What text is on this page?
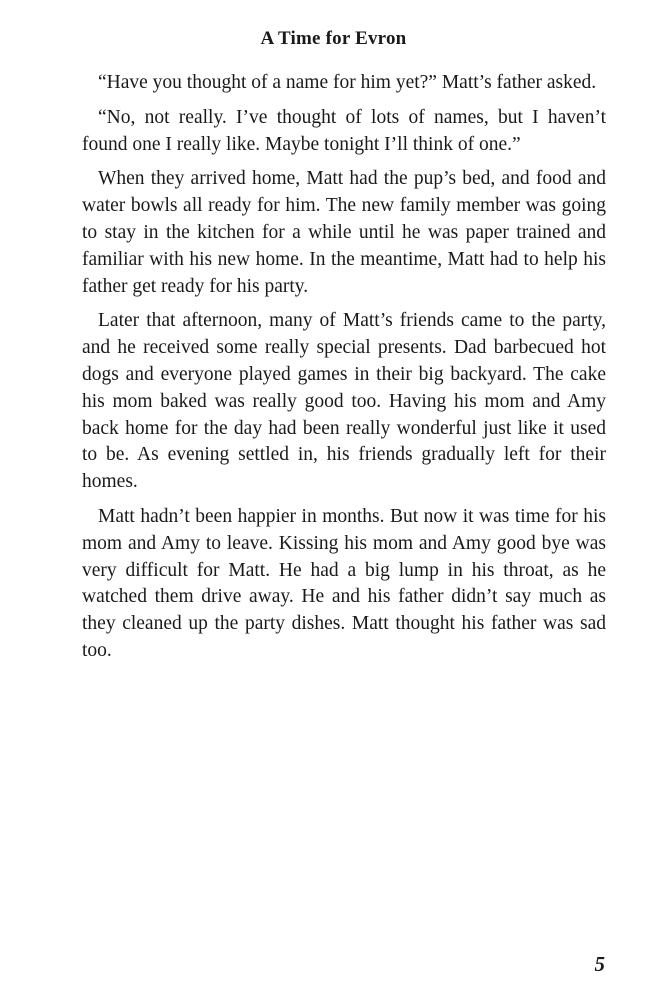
A Time for Evron

“Have you thought of a name for him yet?” Matt’s father asked.

“No, not really. I’ve thought of lots of names, but I haven’t found one I really like. Maybe tonight I’ll think of one.”

When they arrived home, Matt had the pup’s bed, and food and water bowls all ready for him. The new family member was going to stay in the kitchen for a while until he was paper trained and familiar with his new home. In the meantime, Matt had to help his father get ready for his party.

Later that afternoon, many of Matt’s friends came to the party, and he received some really special presents. Dad barbecued hot dogs and everyone played games in their big backyard. The cake his mom baked was really good too. Having his mom and Amy back home for the day had been really wonderful just like it used to be. As evening settled in, his friends gradually left for their homes.

Matt hadn’t been happier in months. But now it was time for his mom and Amy to leave. Kissing his mom and Amy good bye was very difficult for Matt. He had a big lump in his throat, as he watched them drive away. He and his father didn’t say much as they cleaned up the party dishes. Matt thought his father was sad too.

5
